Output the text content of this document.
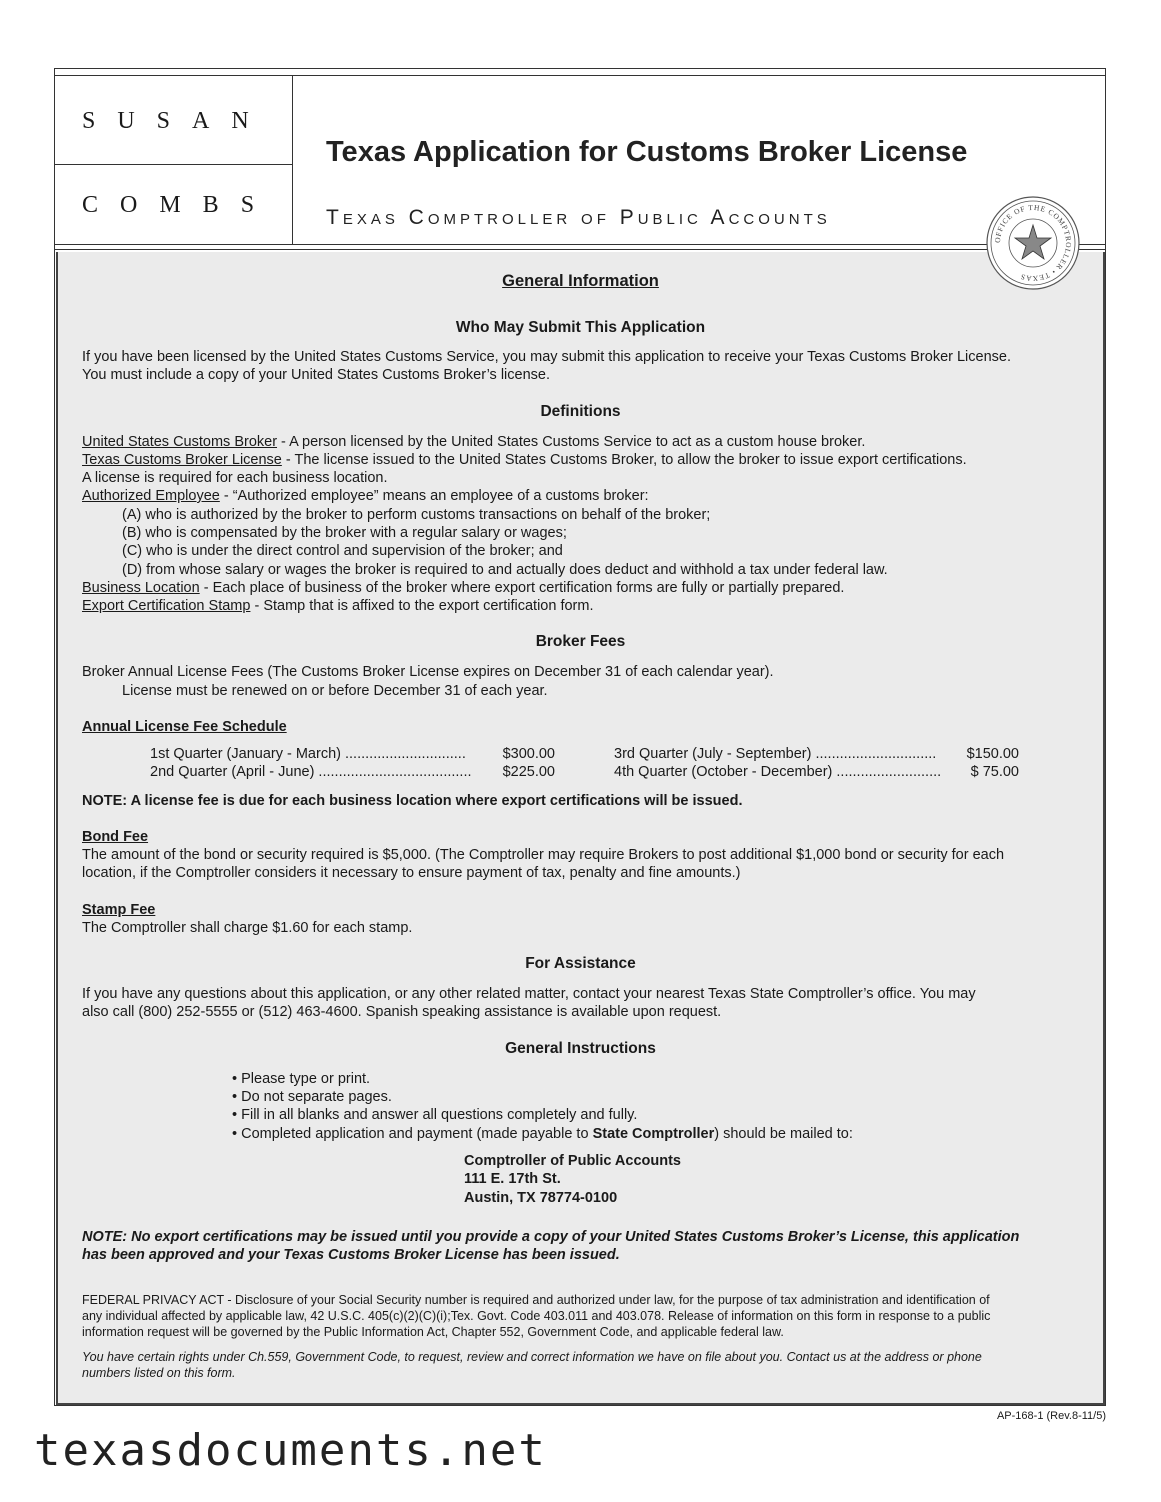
SUSAN
COMBS
Texas Application for Customs Broker License
Texas Comptroller of Public Accounts
OFFICE OF THE COMPTROLLER • TEXAS
General Information
Who May Submit This Application
If you have been licensed by the United States Customs Service, you may submit this application to receive your Texas Customs Broker License.
You must include a copy of your United States Customs Broker’s license.
Definitions
United States Customs Broker - A person licensed by the United States Customs Service to act as a custom house broker.
Texas Customs Broker License - The license issued to the United States Customs Broker, to allow the broker to issue export certifications.
A license is required for each business location.
Authorized Employee - “Authorized employee” means an employee of a customs broker:
(A) who is authorized by the broker to perform customs transactions on behalf of the broker;
(B) who is compensated by the broker with a regular salary or wages;
(C) who is under the direct control and supervision of the broker; and
(D) from whose salary or wages the broker is required to and actually does deduct and withhold a tax under federal law.
Business Location - Each place of business of the broker where export certification forms are fully or partially prepared.
Export Certification Stamp - Stamp that is affixed to the export certification form.
Broker Fees
Broker Annual License Fees (The Customs Broker License expires on December 31 of each calendar year).
License must be renewed on or before December 31 of each year.
Annual License Fee Schedule
1st Quarter (January - March) ..............................	$300.00
2nd Quarter (April - June) ...................................... $225.00
3rd Quarter (July - September) .............................. $150.00
4th Quarter (October - December) .......................... $ 75.00
NOTE: A license fee is due for each business location where export certifications will be issued.
Bond Fee
The amount of the bond or security required is $5,000. (The Comptroller may require Brokers to post additional $1,000 bond or security for each
location, if the Comptroller considers it necessary to ensure payment of tax, penalty and fine amounts.)
Stamp Fee
The Comptroller shall charge $1.60 for each stamp.
For Assistance
If you have any questions about this application, or any other related matter, contact your nearest Texas State Comptroller’s office. You may
also call (800) 252-5555 or (512) 463-4600. Spanish speaking assistance is available upon request.
General Instructions
• Please type or print.
• Do not separate pages.
• Fill in all blanks and answer all questions completely and fully.
• Completed application and payment (made payable to State Comptroller) should be mailed to:
Comptroller of Public Accounts
111 E. 17th St.
Austin, TX 78774-0100
NOTE: No export certifications may be issued until you provide a copy of your United States Customs Broker’s License, this application
has been approved and your Texas Customs Broker License has been issued.
FEDERAL PRIVACY ACT - Disclosure of your Social Security number is required and authorized under law, for the purpose of tax administration and identification of
any individual affected by applicable law, 42 U.S.C. 405(c)(2)(C)(i);Tex. Govt. Code 403.011 and 403.078. Release of information on this form in response to a public
information request will be governed by the Public Information Act, Chapter 552, Government Code, and applicable federal law.
You have certain rights under Ch.559, Government Code, to request, review and correct information we have on file about you. Contact us at the address or phone
numbers listed on this form.
AP-168-1 (Rev.8-11/5)
texasdocuments.net
